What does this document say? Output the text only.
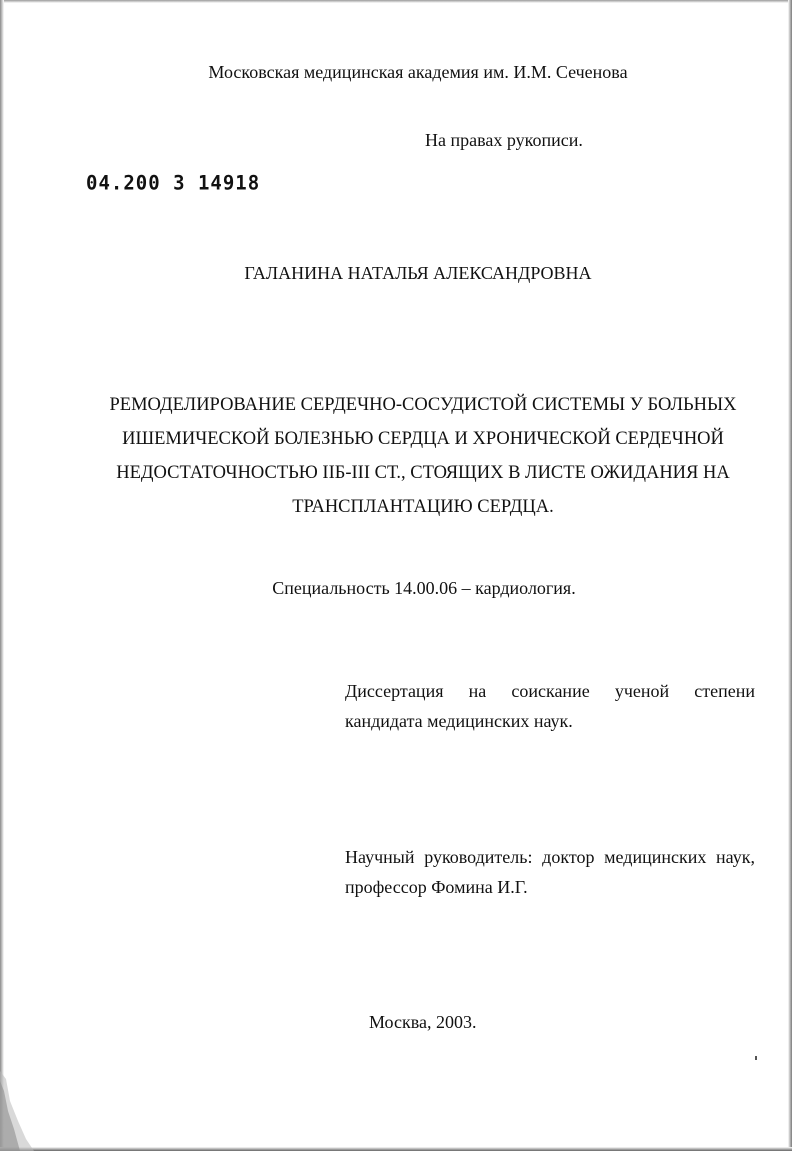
Московская медицинская академия им. И.М. Сеченова
На правах рукописи.
04.200 3 14918
ГАЛАНИНА НАТАЛЬЯ АЛЕКСАНДРОВНА
РЕМОДЕЛИРОВАНИЕ СЕРДЕЧНО-СОСУДИСТОЙ СИСТЕМЫ У БОЛЬНЫХ
ИШЕМИЧЕСКОЙ БОЛЕЗНЬЮ СЕРДЦА И ХРОНИЧЕСКОЙ СЕРДЕЧНОЙ
НЕДОСТАТОЧНОСТЬЮ IIБ-III СТ., СТОЯЩИХ В ЛИСТЕ ОЖИДАНИЯ НА
ТРАНСПЛАНТАЦИЮ СЕРДЦА.
Специальность 14.00.06 – кардиология.
Диссертация на соискание ученой степени
кандидата медицинских наук.
Научный руководитель: доктор медицинских наук,
профессор Фомина И.Г.
Москва, 2003.
